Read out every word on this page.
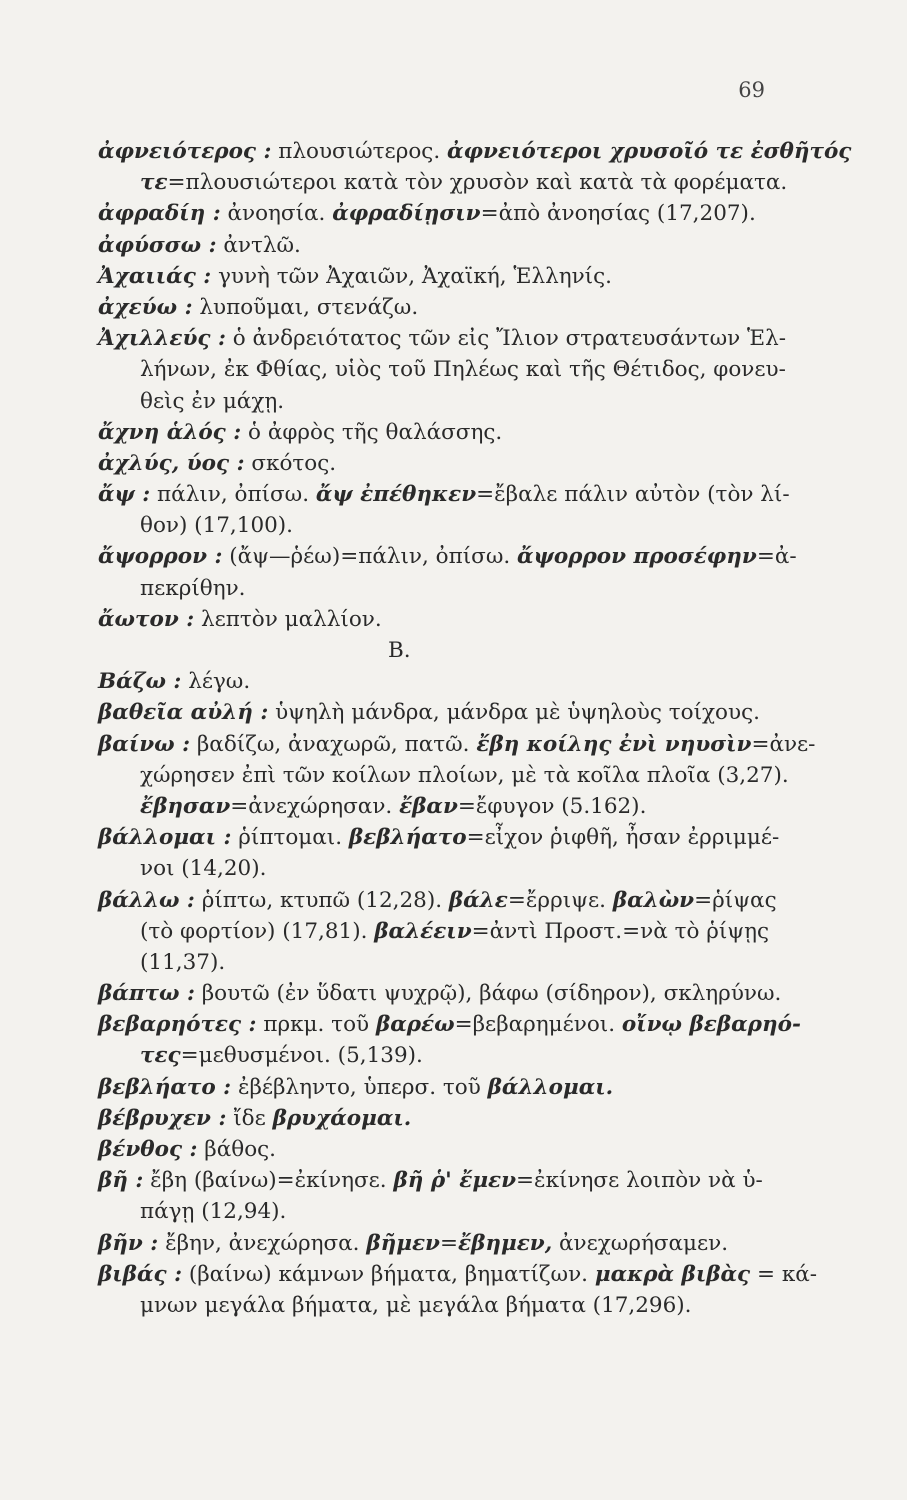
69
ἀφνειότερος : πλουσιώτερος. ἀφνειότεροι χρυσοῖό τε ἐσθῆτός
τε=πλουσιώτεροι κατὰ τὸν χρυσὸν καὶ κατὰ τὰ φορέματα.
ἀφραδίη : ἀνοησία. ἀφραδίῃσιν=ἀπὸ ἀνοησίας (17,207).
ἀφύσσω : ἀντλῶ.
Ἀχαιιάς : γυνὴ τῶν Ἀχαιῶν, Ἀχαϊκή, Ἑλληνίς.
ἀχεύω : λυποῦμαι, στενάζω.
Ἀχιλλεύς : ὁ ἀνδρειότατος τῶν εἰς Ἴλιον στρατευσάντων Ἑλ-
λήνων, ἐκ Φθίας, υἱὸς τοῦ Πηλέως καὶ τῆς Θέτιδος, φονευ-
θεὶς ἐν μάχῃ.
ἄχνη ἁλός : ὁ ἀφρὸς τῆς θαλάσσης.
ἀχλύς, ύος : σκότος.
ἄψ : πάλιν, ὀπίσω. ἄψ ἐπέθηκεν=ἔβαλε πάλιν αὐτὸν (τὸν λί-
θον) (17,100).
ἄψορρον : (ἄψ—ῥέω)=πάλιν, ὀπίσω. ἄψορρον προσέφην=ἀ-
πεκρίθην.
ἄωτον : λεπτὸν μαλλίον.
Β.
Βάζω : λέγω.
βαθεῖα αὐλή : ὑψηλὴ μάνδρα, μάνδρα μὲ ὑψηλοὺς τοίχους.
βαίνω : βαδίζω, ἀναχωρῶ, πατῶ. ἔβη κοίλης ἐνὶ νηυσὶν=ἀνε-
χώρησεν ἐπὶ τῶν κοίλων πλοίων, μὲ τὰ κοῖλα πλοῖα (3,27).
ἔβησαν=ἀνεχώρησαν. ἔβαν=ἔφυγον (5.162).
βάλλομαι : ῥίπτομαι. βεβλήατο=εἶχον ῥιφθῆ, ἦσαν ἐρριμμέ-
νοι (14,20).
βάλλω : ῥίπτω, κτυπῶ (12,28). βάλε=ἔρριψε. βαλὼν=ῥίψας
(τὸ φορτίον) (17,81). βαλέειν=ἀντὶ Προστ.=νὰ τὸ ῥίψῃς
(11,37).
βάπτω : βουτῶ (ἐν ὕδατι ψυχρῷ), βάφω (σίδηρον), σκληρύνω.
βεβαρηότες : πρκμ. τοῦ βαρέω=βεβαρημένοι. οἴνῳ βεβαρηό-
τες=μεθυσμένοι. (5,139).
βεβλήατο : ἐβέβληντο, ὑπερσ. τοῦ βάλλομαι.
βέβρυχεν : ἴδε βρυχάομαι.
βένθος : βάθος.
βῆ : ἔβη (βαίνω)=ἐκίνησε. βῆ ῥ' ἔμεν=ἐκίνησε λοιπὸν νὰ ὑ-
πάγῃ (12,94).
βῆν : ἔβην, ἀνεχώρησα. βῆμεν=ἔβημεν, ἀνεχωρήσαμεν.
βιβάς : (βαίνω) κάμνων βήματα, βηματίζων. μακρὰ βιβὰς = κά-
μνων μεγάλα βήματα, μὲ μεγάλα βήματα (17,296).
